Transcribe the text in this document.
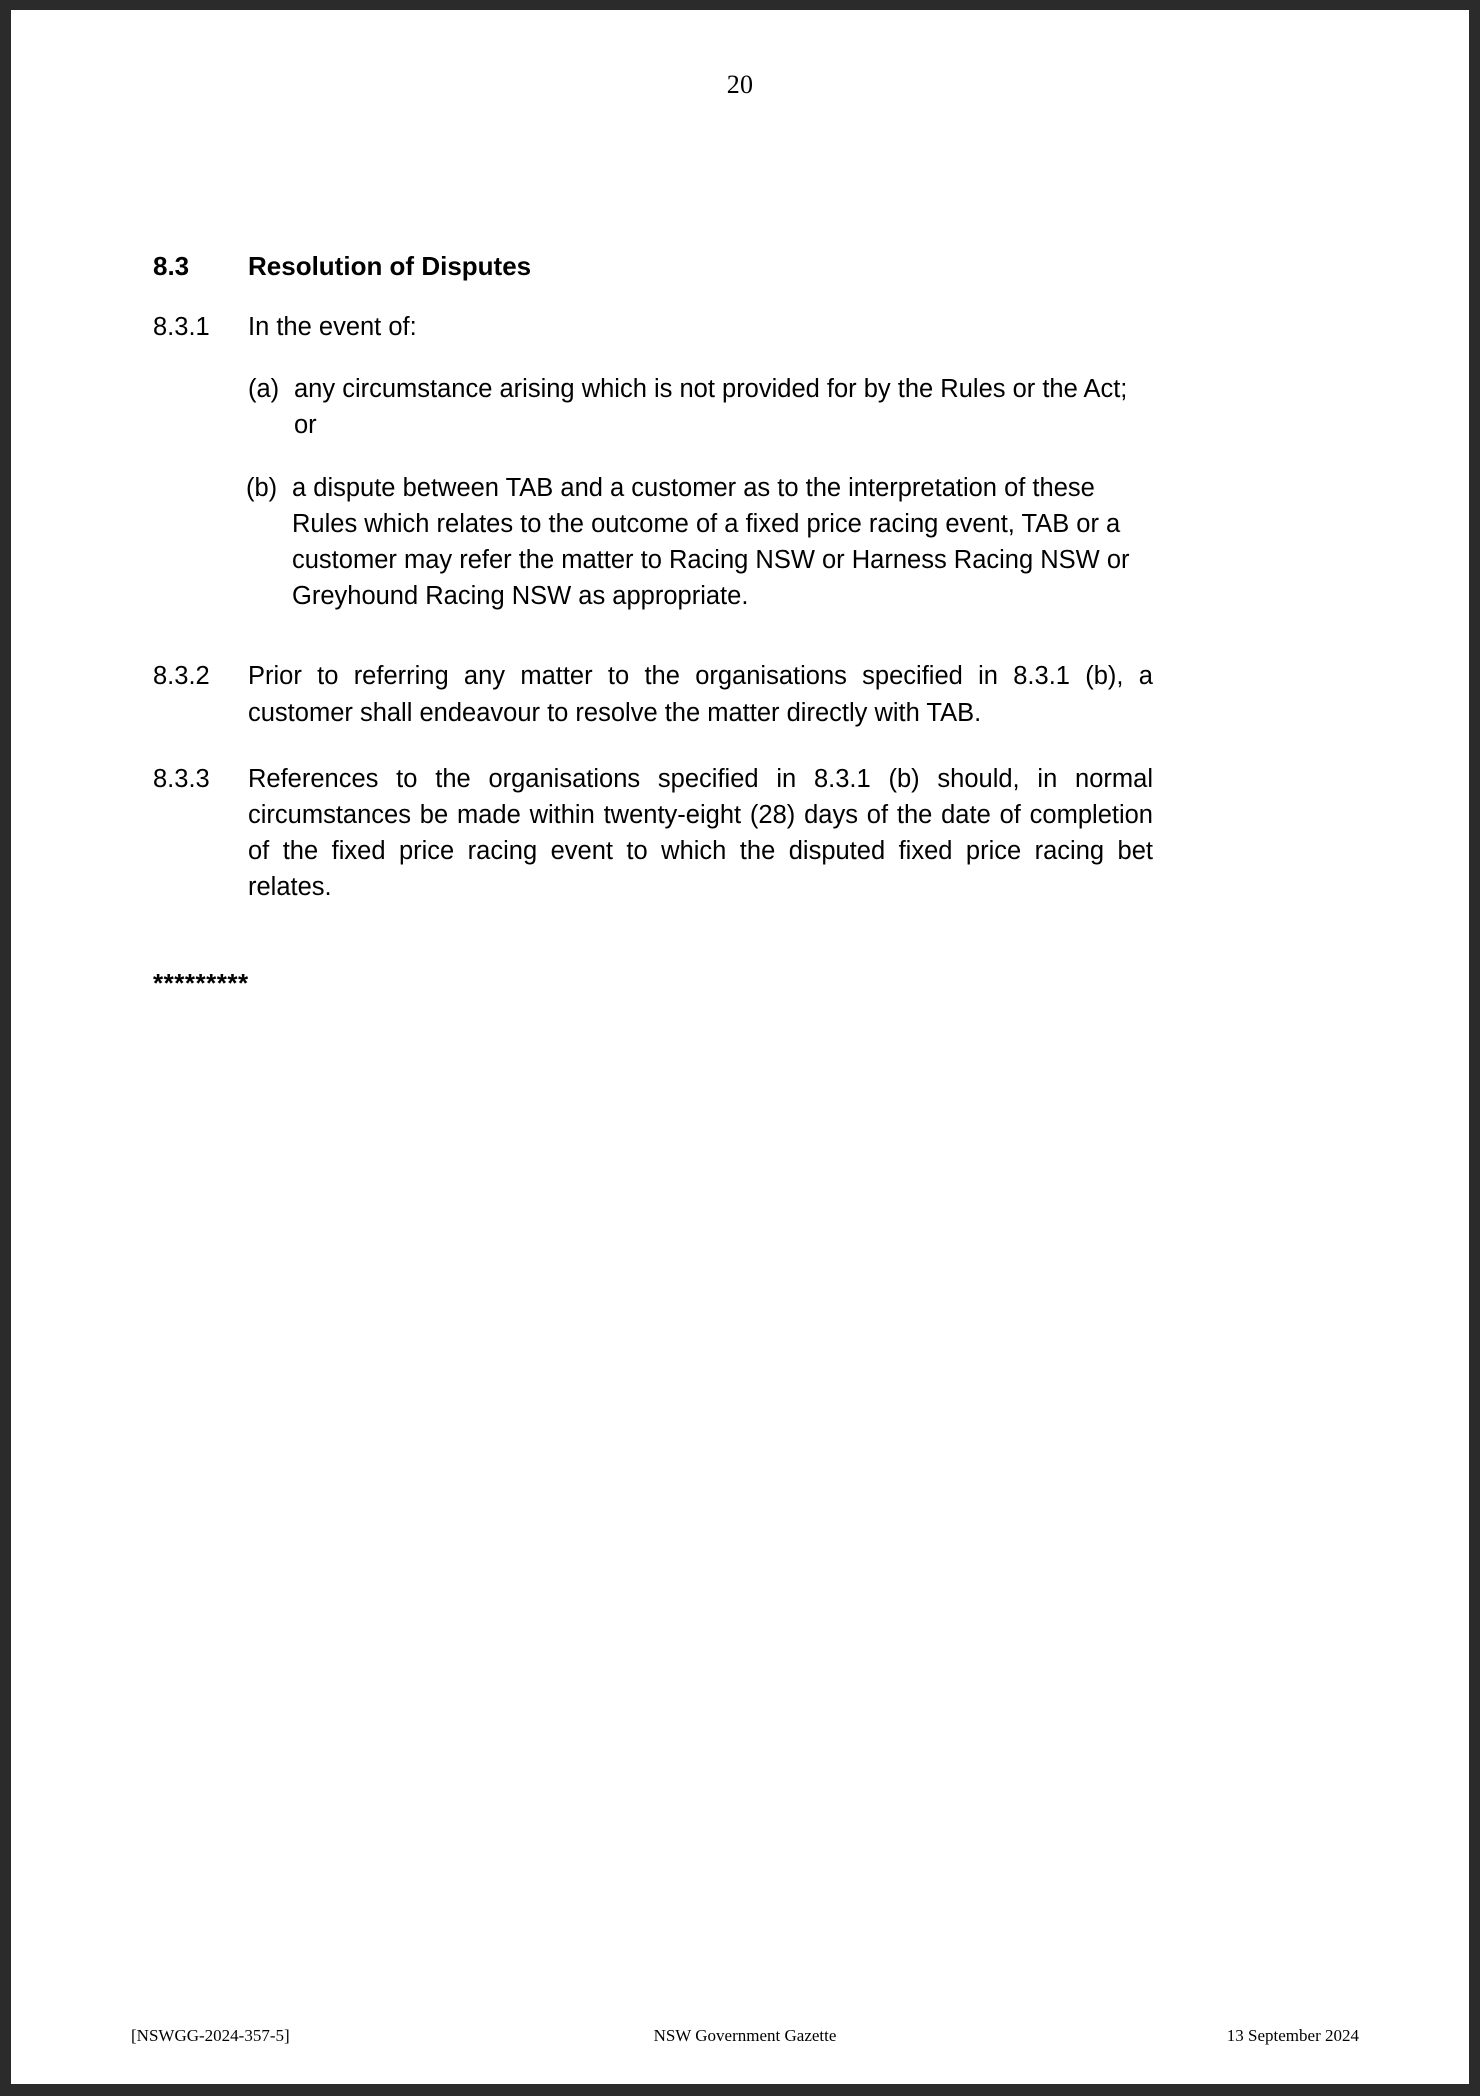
20
8.3	Resolution of Disputes
8.3.1	In the event of:
(a) any circumstance arising which is not provided for by the Rules or the Act; or
(b) a dispute between TAB and a customer as to the interpretation of these Rules which relates to the outcome of a fixed price racing event, TAB or a customer may refer the matter to Racing NSW or Harness Racing NSW or Greyhound Racing NSW as appropriate.
8.3.2	Prior to referring any matter to the organisations specified in 8.3.1 (b), a customer shall endeavour to resolve the matter directly with TAB.
8.3.3	References to the organisations specified in 8.3.1 (b) should, in normal circumstances be made within twenty-eight (28) days of the date of completion of the fixed price racing event to which the disputed fixed price racing bet relates.
*********
[NSWGG-2024-357-5]	NSW Government Gazette	13 September 2024
